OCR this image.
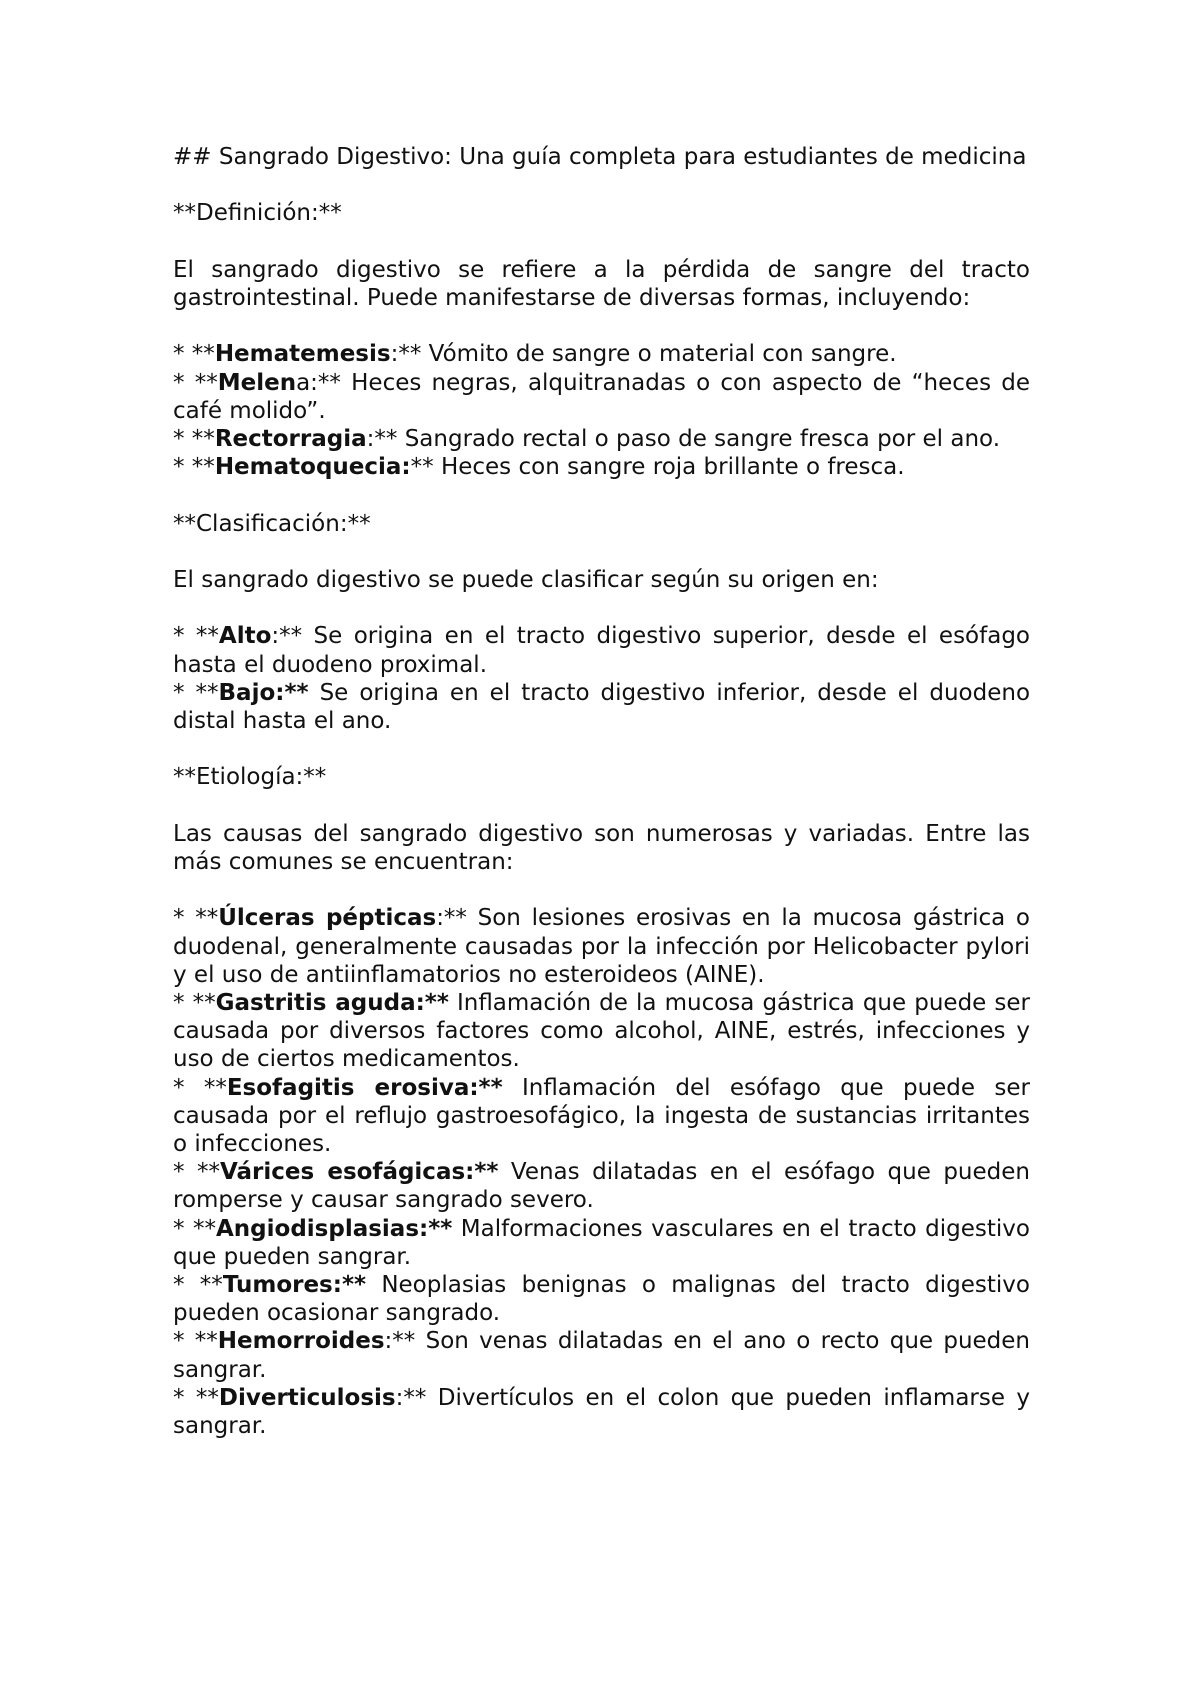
## Sangrado Digestivo: Una guía completa para estudiantes de medicina

**Definición:**

El sangrado digestivo se refiere a la pérdida de sangre del tracto gastrointestinal. Puede manifestarse de diversas formas, incluyendo:

* **Hematemesis:** Vómito de sangre o material con sangre.
* **Melena:** Heces negras, alquitranadas o con aspecto de “heces de café molido”.
* **Rectorragia:** Sangrado rectal o paso de sangre fresca por el ano.
* **Hematoquecia:** Heces con sangre roja brillante o fresca.

**Clasificación:**

El sangrado digestivo se puede clasificar según su origen en:

* **Alto:** Se origina en el tracto digestivo superior, desde el esófago hasta el duodeno proximal.
* **Bajo:** Se origina en el tracto digestivo inferior, desde el duodeno distal hasta el ano.

**Etiología:**

Las causas del sangrado digestivo son numerosas y variadas. Entre las más comunes se encuentran:

* **Úlceras pépticas:** Son lesiones erosivas en la mucosa gástrica o duodenal, generalmente causadas por la infección por Helicobacter pylori y el uso de antiinflamatorios no esteroideos (AINE).
* **Gastritis aguda:** Inflamación de la mucosa gástrica que puede ser causada por diversos factores como alcohol, AINE, estrés, infecciones y uso de ciertos medicamentos.
* **Esofagitis erosiva:** Inflamación del esófago que puede ser causada por el reflujo gastroesofágico, la ingesta de sustancias irritantes o infecciones.
* **Várices esofágicas:** Venas dilatadas en el esófago que pueden romperse y causar sangrado severo.
* **Angiodisplasias:** Malformaciones vasculares en el tracto digestivo que pueden sangrar.
* **Tumores:** Neoplasias benignas o malignas del tracto digestivo pueden ocasionar sangrado.
* **Hemorroides:** Son venas dilatadas en el ano o recto que pueden sangrar.
* **Diverticulosis:** Divertículos en el colon que pueden inflamarse y sangrar.
